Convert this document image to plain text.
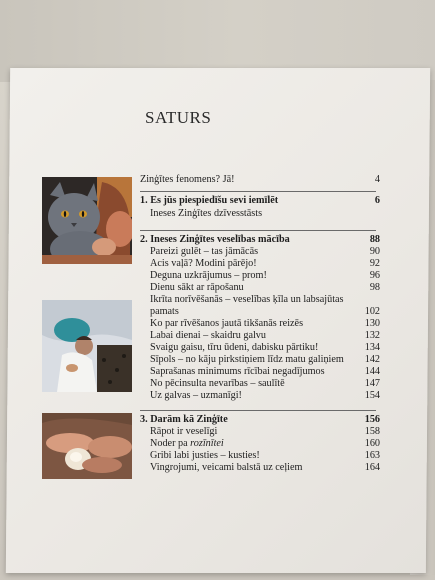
SATURS
Zinģītes fenomens? Jā!	4
1. Es jūs piespiedīšu sevi iemīlēt	6
Ineses Zinģītes dzīvesstāsts
2. Ineses Zinģītes veselības mācība	88
Pareizi gulēt – tas jāmācās	90
Acis vaļā? Modini pārējo!	92
Deguna uzkrājumus – prom!	96
Dienu sākt ar rāpošanu	98
Ikrīta norīvēšanās – veselības ķīla un labsajūtas
pamats	102
Ko par rīvēšanos jautā tikšanās reizēs	130
Labai dienai – skaidru galvu	132
Svaigu gaisu, tīru ūdeni, dabisku pārtiku!	134
Sīpols – no kāju pirkstiņiem līdz matu galiņiem 142
Saprašanas minimums rīcībai negadījumos	144
No pēcinsulta nevarības – saulītē	147
Uz galvas – uzmanīgi!	154
3. Darām kā Zinģīte	156
Rāpot ir veselīgi	158
Noder pa rozīnītei	160
Gribi labi justies – kusties!	163
Vingrojumi, veicami balstā uz ceļiem	164
